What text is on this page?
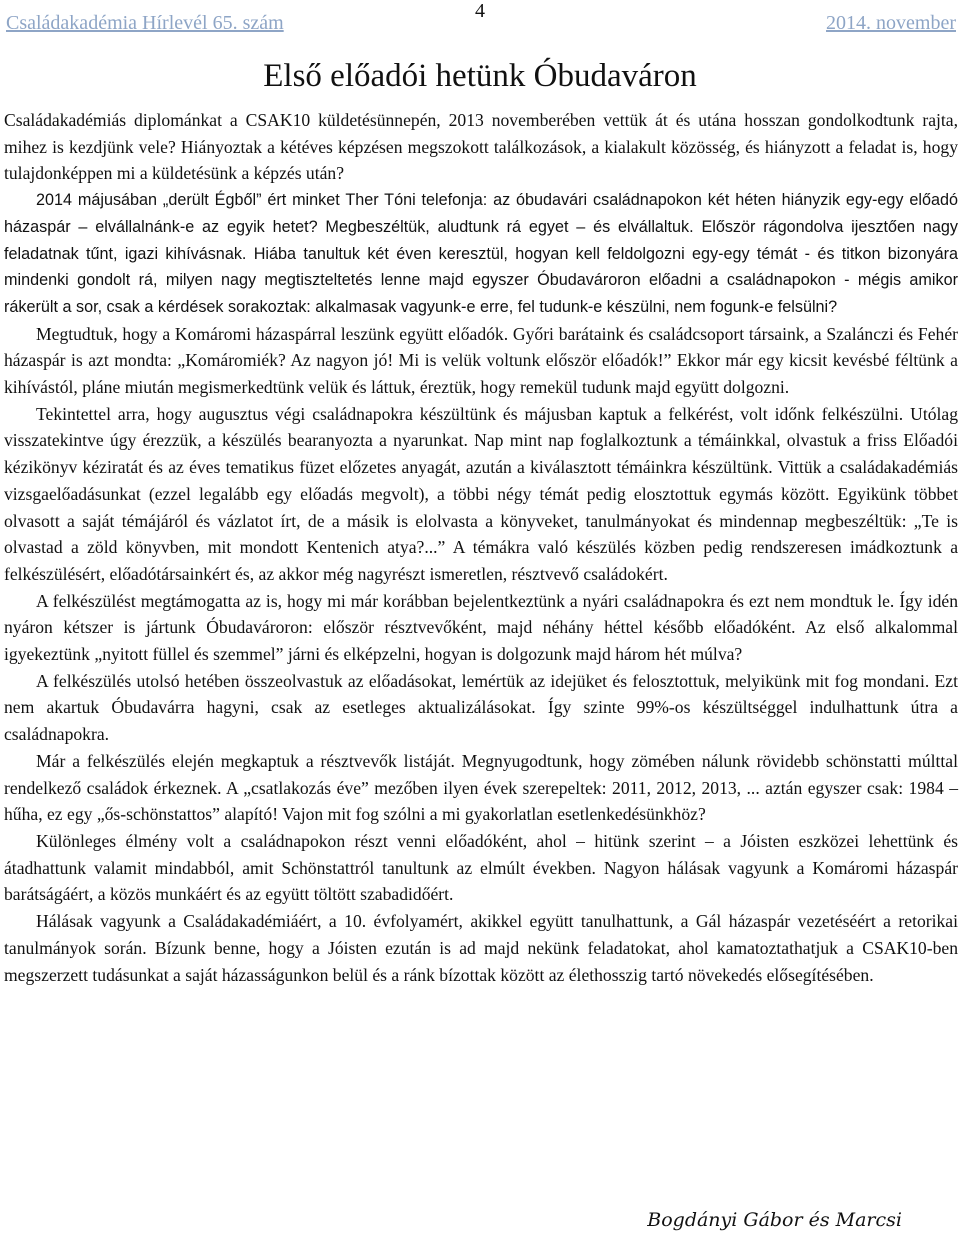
Családakadémia Hírlevél 65. szám
4
2014. november
Első előadói hetünk Óbudaváron

Családakadémiás diplománkat a CSAK10 küldetésünnepén, 2013 novemberében vettük át és utána hosszan gondolkodtunk rajta, mihez is kezdjünk vele? Hiányoztak a kétéves képzésen megszokott találkozások, a kialakult közösség, és hiányzott a feladat is, hogy tulajdonképpen mi a küldetésünk a képzés után?

2014 májusában „derült Égből” ért minket Ther Tóni telefonja: az óbudavári családnapokon két héten hiányzik egy-egy előadó házaspár – elvállalnánk-e az egyik hetet? Megbeszéltük, aludtunk rá egyet – és elvállaltuk. Először rágondolva ijesztően nagy feladatnak tűnt, igazi kihívásnak. Hiába tanultuk két éven keresztül, hogyan kell feldolgozni egy-egy témát - és titkon bizonyára mindenki gondolt rá, milyen nagy megtiszteltetés lenne majd egyszer Óbudavároron előadni a családnapokon - mégis amikor rákerült a sor, csak a kérdések sorakoztak: alkalmasak vagyunk-e erre, fel tudunk-e készülni, nem fogunk-e felsülni?

Megtudtuk, hogy a Komáromi házaspárral leszünk együtt előadók. Győri barátaink és családcsoport társaink, a Szalánczi és Fehér házaspár is azt mondta: „Komáromiék? Az nagyon jó! Mi is velük voltunk először előadók!” Ekkor már egy kicsit kevésbé féltünk a kihívástól, pláne miután megismerkedtünk velük és láttuk, éreztük, hogy remekül tudunk majd együtt dolgozni.

Tekintettel arra, hogy augusztus végi családnapokra készültünk és májusban kaptuk a felkérést, volt időnk felkészülni. Utólag visszatekintve úgy érezzük, a készülés bearanyozta a nyarunkat. Nap mint nap foglalkoztunk a témáinkkal, olvastuk a friss Előadói kézikönyv kéziratát és az éves tematikus füzet előzetes anyagát, azután a kiválasztott témáinkra készültünk. Vittük a családakadémiás vizsgaelőadásunkat (ezzel legalább egy előadás megvolt), a többi négy témát pedig elosztottuk egymás között. Egyikünk többet olvasott a saját témájáról és vázlatot írt, de a másik is elolvasta a könyveket, tanulmányokat és mindennap megbeszéltük: „Te is olvastad a zöld könyvben, mit mondott Kentenich atya?...” A témákra való készülés közben pedig rendszeresen imádkoztunk a felkészülésért, előadótársainkért és, az akkor még nagyrészt ismeretlen, résztvevő családokért.

A felkészülést megtámogatta az is, hogy mi már korábban bejelentkeztünk a nyári családnapokra és ezt nem mondtuk le. Így idén nyáron kétszer is jártunk Óbudavároron: először résztvevőként, majd néhány héttel később előadóként. Az első alkalommal igyekeztünk „nyitott füllel és szemmel” járni és elképzelni, hogyan is dolgozunk majd három hét múlva?

A felkészülés utolsó hetében összeolvastuk az előadásokat, lemértük az idejüket és felosztottuk, melyikünk mit fog mondani. Ezt nem akartuk Óbudavárra hagyni, csak az esetleges aktualizálásokat. Így szinte 99%-os készültséggel indulhattunk útra a családnapokra.

Már a felkészülés elején megkaptuk a résztvevők listáját. Megnyugodtunk, hogy zömében nálunk rövidebb schönstatti múlttal rendelkező családok érkeznek. A „csatlakozás éve” mezőben ilyen évek szerepeltek: 2011, 2012, 2013, ... aztán egyszer csak: 1984 – hűha, ez egy „ős-schönstattos” alapító! Vajon mit fog szólni a mi gyakorlatlan esetlenkedésünkhöz?

Különleges élmény volt a családnapokon részt venni előadóként, ahol – hitünk szerint – a Jóisten eszközei lehettünk és átadhattunk valamit mindabból, amit Schönstattról tanultunk az elmúlt években. Nagyon hálásak vagyunk a Komáromi házaspár barátságáért, a közös munkáért és az együtt töltött szabadidőért.

Hálásak vagyunk a Családakadémiáért, a 10. évfolyamért, akikkel együtt tanulhattunk, a Gál házaspár vezetéséért a retorikai tanulmányok során. Bízunk benne, hogy a Jóisten ezután is ad majd nekünk feladatokat, ahol kamatoztathatjuk a CSAK10-ben megszerzett tudásunkat a saját házasságunkon belül és a ránk bízottak között az élethosszig tartó növekedés elősegítésében.

Bogdányi Gábor és Marcsi
